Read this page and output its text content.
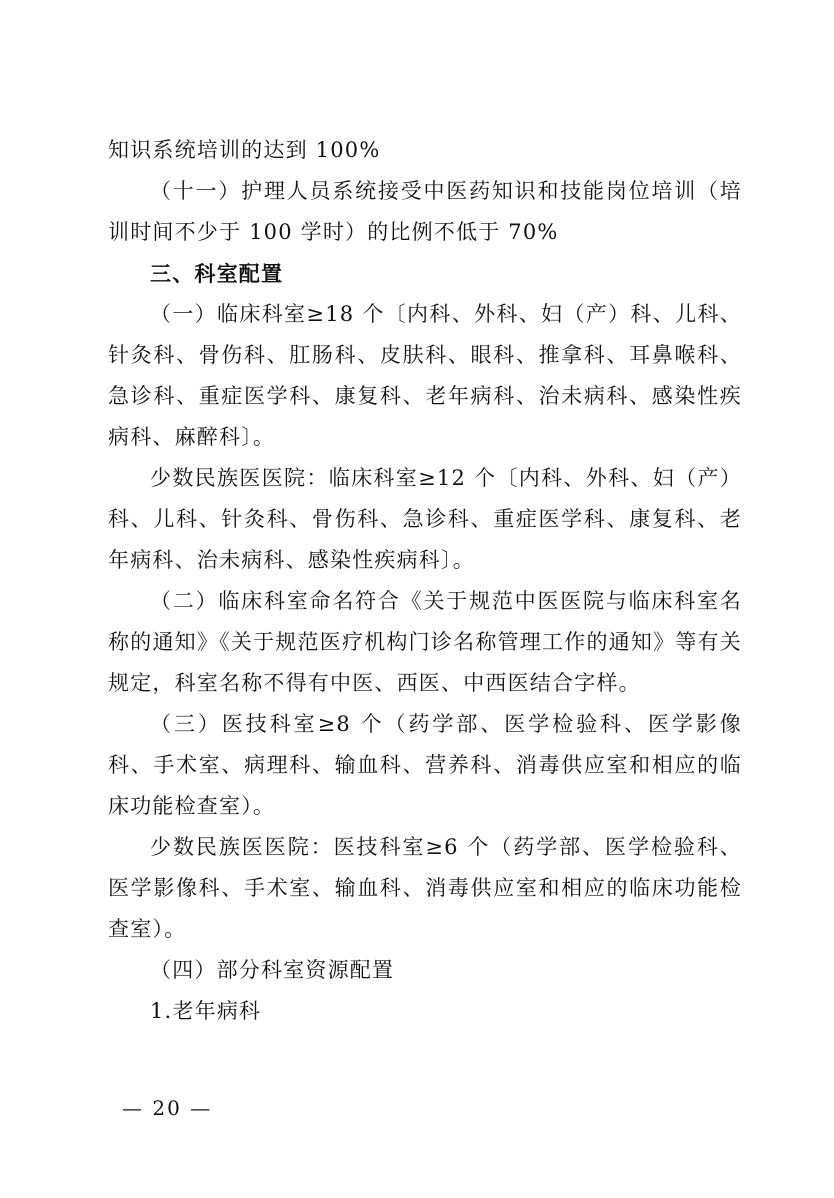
知识系统培训的达到 100%

（十一）护理人员系统接受中医药知识和技能岗位培训（培训时间不少于 100 学时）的比例不低于 70%

三、科室配置

（一）临床科室≥18 个〔内科、外科、妇（产）科、儿科、针灸科、骨伤科、肛肠科、皮肤科、眼科、推拿科、耳鼻喉科、急诊科、重症医学科、康复科、老年病科、治未病科、感染性疾病科、麻醉科〕。

少数民族医医院：临床科室≥12 个〔内科、外科、妇（产）科、儿科、针灸科、骨伤科、急诊科、重症医学科、康复科、老年病科、治未病科、感染性疾病科〕。

（二）临床科室命名符合《关于规范中医医院与临床科室名称的通知》《关于规范医疗机构门诊名称管理工作的通知》等有关规定，科室名称不得有中医、西医、中西医结合字样。

（三）医技科室≥8 个（药学部、医学检验科、医学影像科、手术室、病理科、输血科、营养科、消毒供应室和相应的临床功能检查室）。

少数民族医医院：医技科室≥6 个（药学部、医学检验科、医学影像科、手术室、输血科、消毒供应室和相应的临床功能检查室）。

（四）部分科室资源配置

1.老年病科

— 20 —
